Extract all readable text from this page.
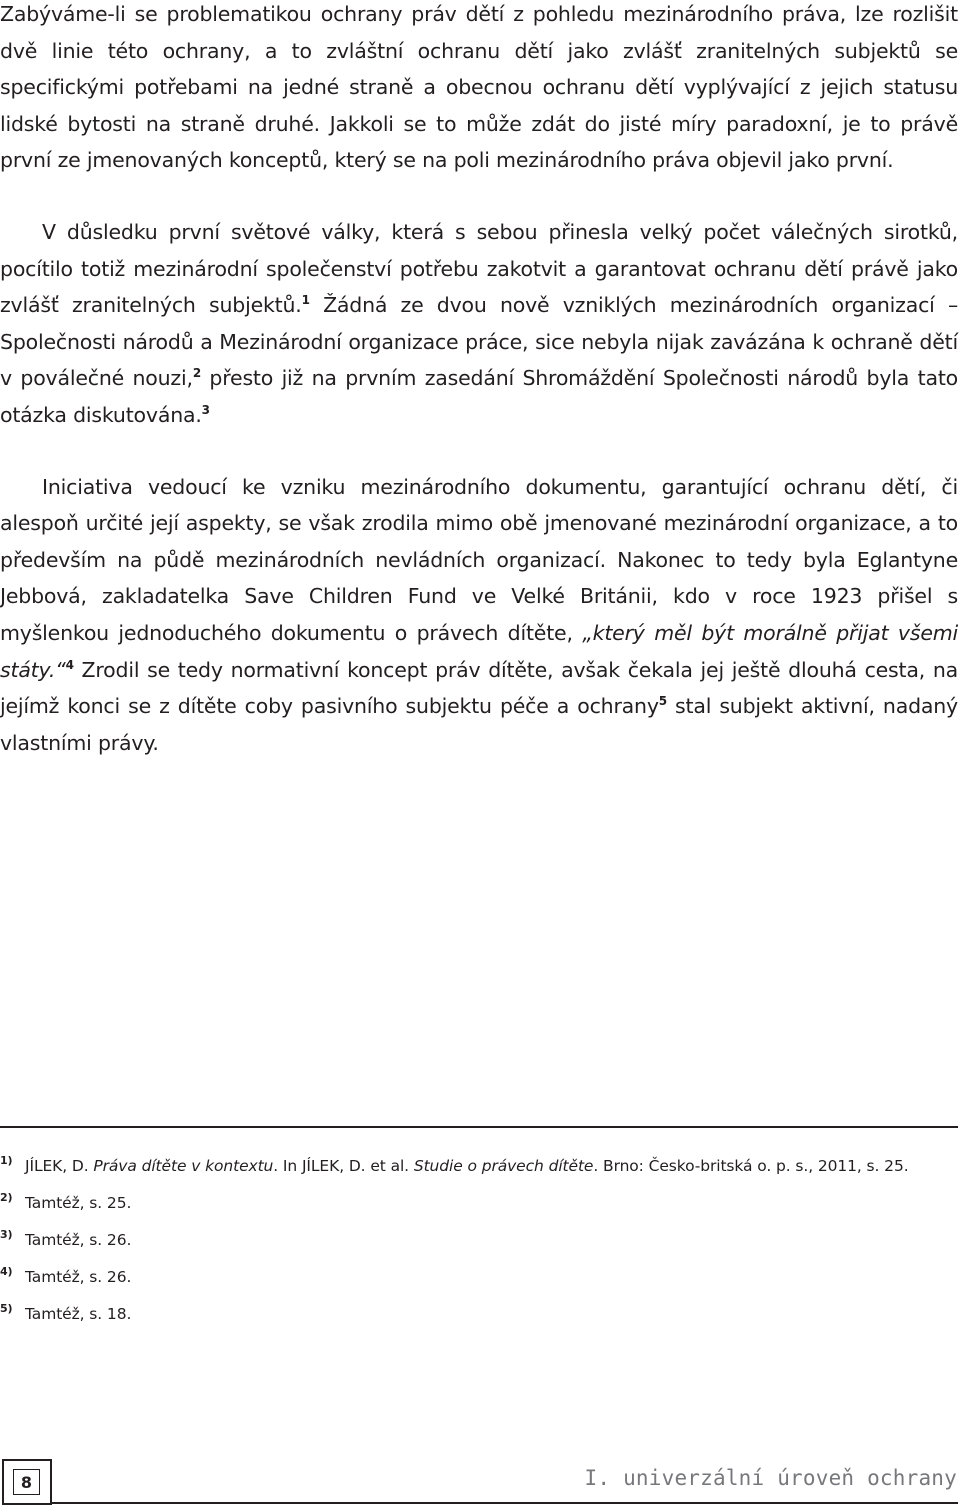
Zabýváme-li se problematikou ochrany práv dětí z pohledu mezinárodního práva, lze rozlišit dvě linie této ochrany, a to zvláštní ochranu dětí jako zvlášť zranitelných subjektů se specifickými potřebami na jedné straně a obecnou ochranu dětí vyplývající z jejich statusu lidské bytosti na straně druhé. Jakkoli se to může zdát do jisté míry paradoxní, je to právě první ze jmenovaných konceptů, který se na poli mezinárodního práva objevil jako první.

V důsledku první světové války, která s sebou přinesla velký počet válečných sirotků, pocítilo totiž mezinárodní společenství potřebu zakotvit a garantovat ochranu dětí právě jako zvlášť zranitelných subjektů.$^1$ Žádná ze dvou nově vzniklých mezinárodních organizací – Společnosti národů a Mezinárodní organizace práce, sice nebyla nijak zavázána k ochraně dětí v poválečné nouzi,$^2$ přesto již na prvním zasedání Shromáždění Společnosti národů byla tato otázka diskutována.$^3$

Iniciativa vedoucí ke vzniku mezinárodního dokumentu, garantující ochranu dětí, či alespoň určité její aspekty, se však zrodila mimo obě jmenované mezinárodní organizace, a to především na půdě mezinárodních nevládních organizací. Nakonec to tedy byla Eglantyne Jebbová, zakladatelka Save Children Fund ve Velké Británii, kdo v roce 1923 přišel s myšlenkou jednoduchého dokumentu o právech dítěte, „který měl být morálně přijat všemi státy.“$^4$ Zrodil se tedy normativní koncept práv dítěte, avšak čekala jej ještě dlouhá cesta, na jejímž konci se z dítěte coby pasivního subjektu péče a ochrany$^5$ stal subjekt aktivní, nadaný vlastními právy.

1) JÍLEK, D. Práva dítěte v kontextu. In JÍLEK, D. et al. Studie o právech dítěte. Brno: Česko-britská o. p. s., 2011, s. 25.
2) Tamtéž, s. 25.
3) Tamtéž, s. 26.
4) Tamtéž, s. 26.
5) Tamtéž, s. 18.
8	I. univerzální úroveň ochrany
